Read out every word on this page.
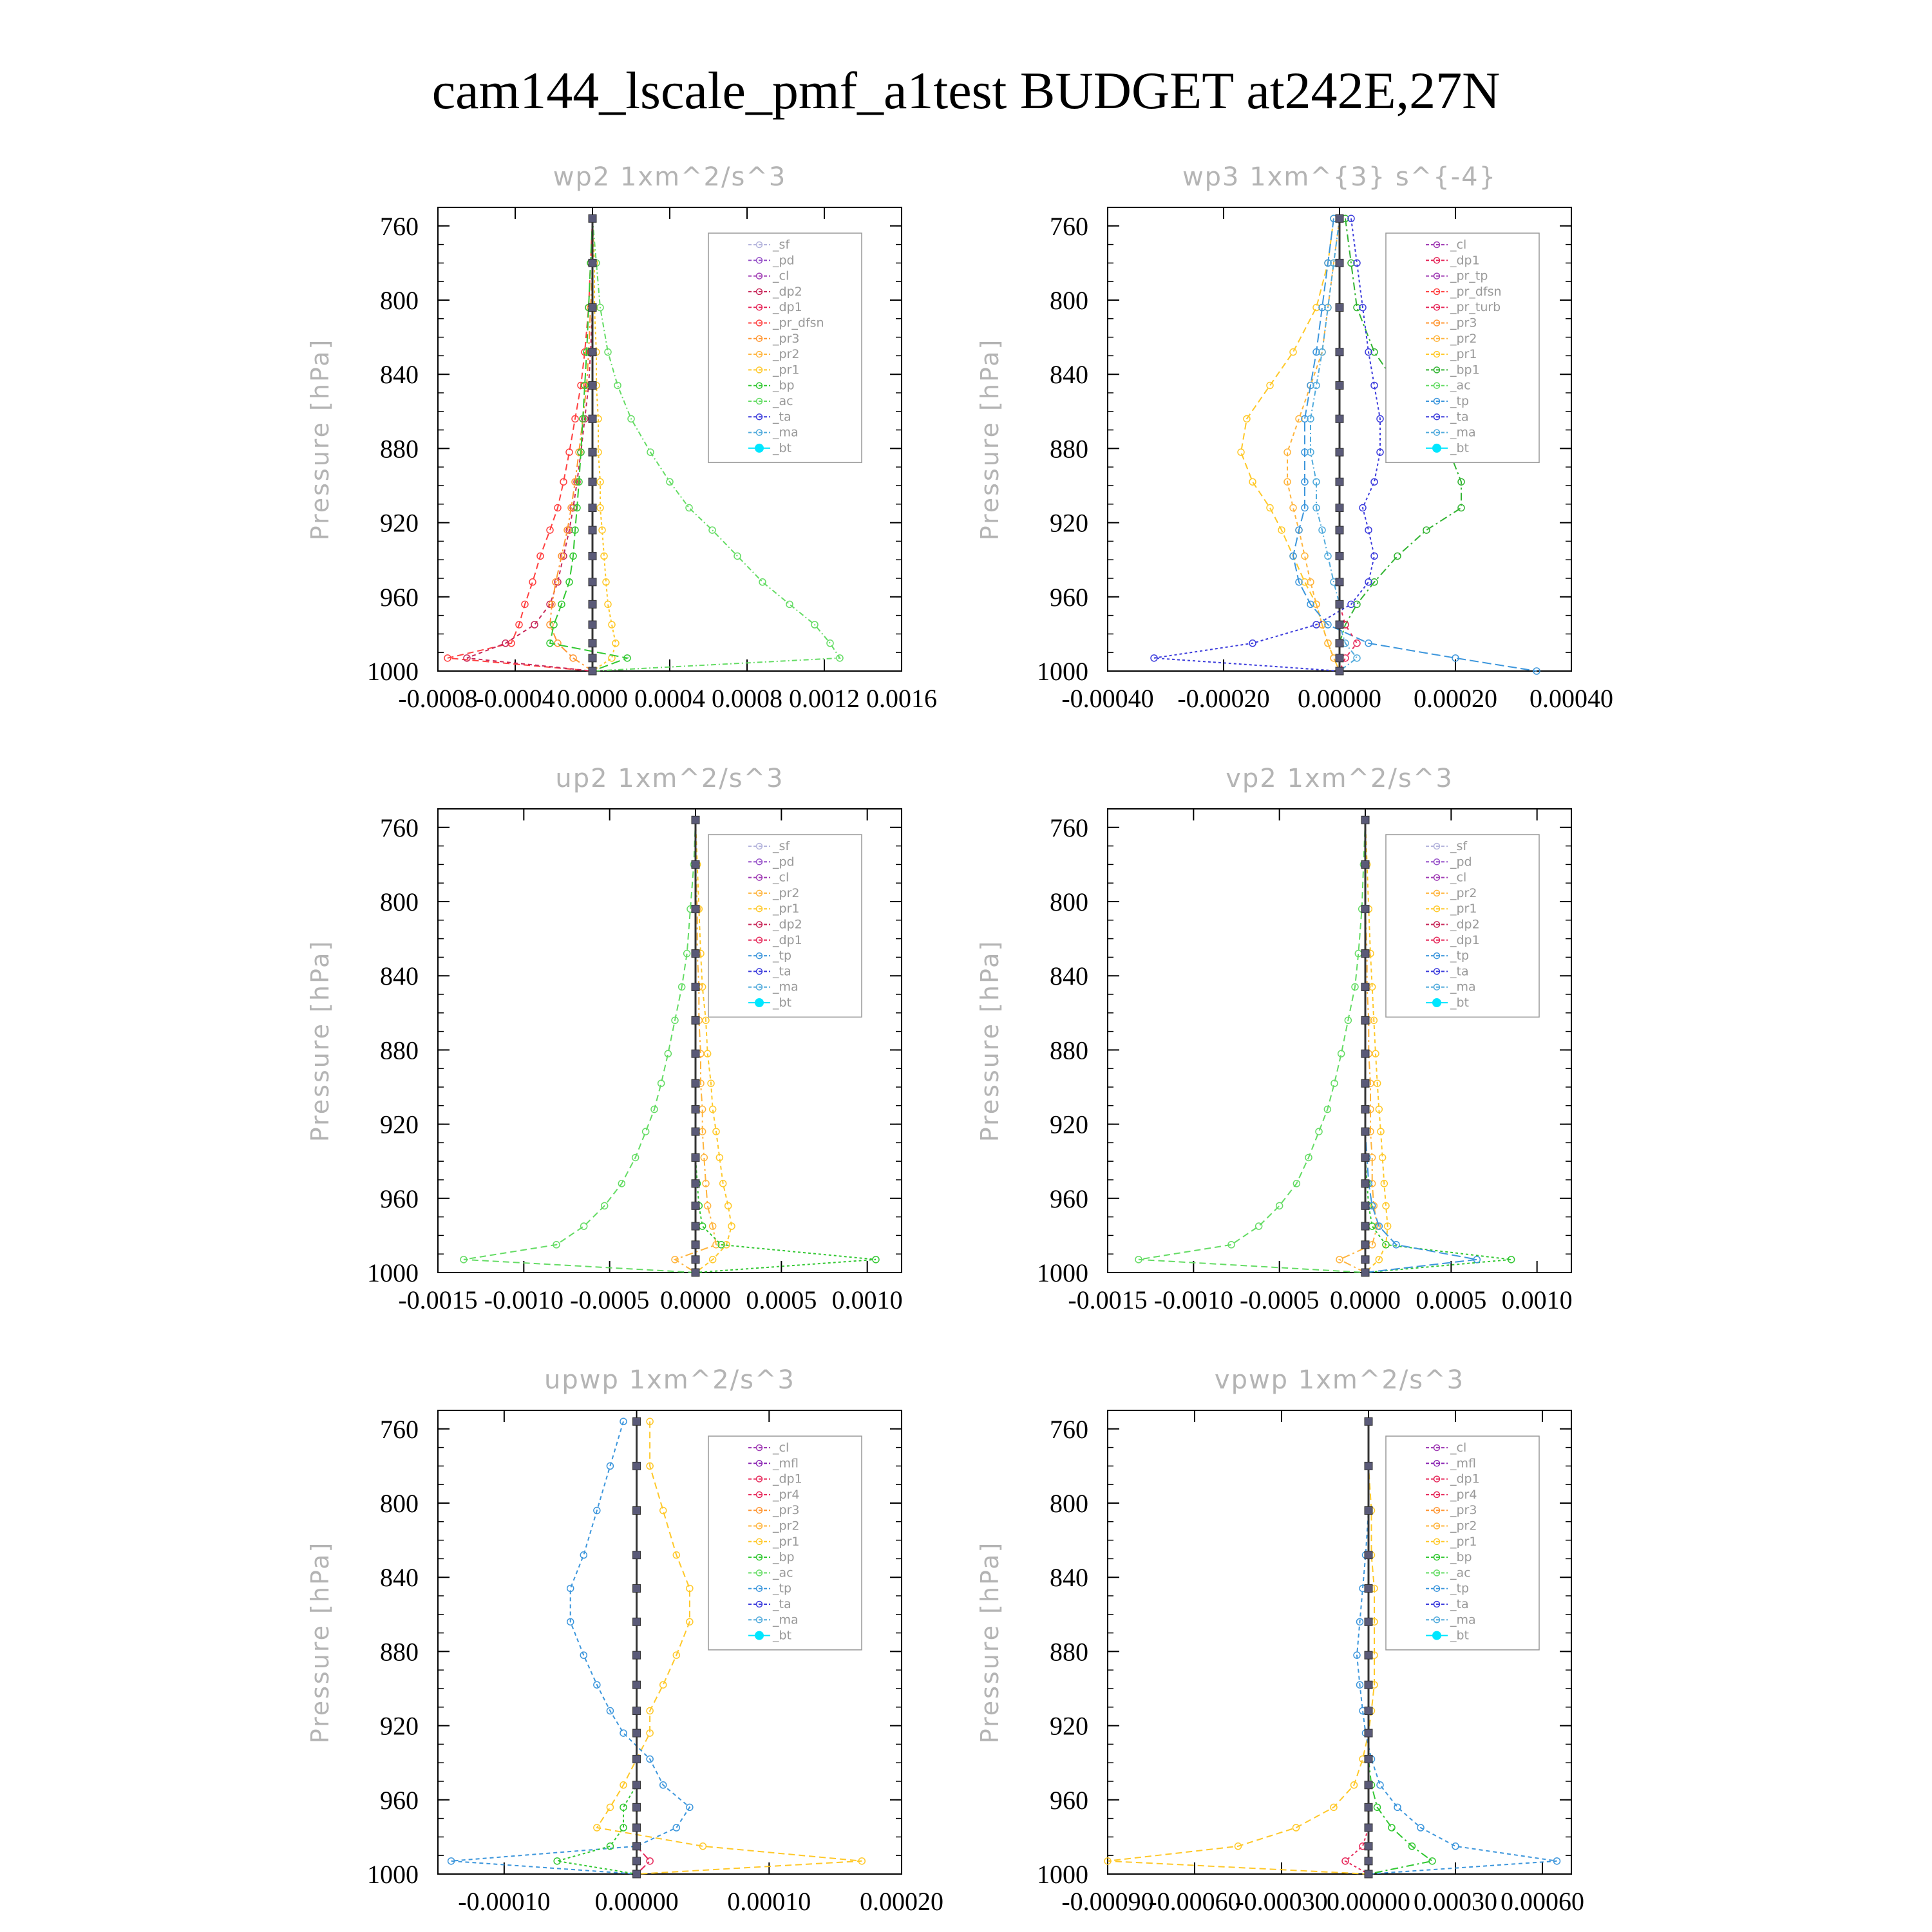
cam144_lscale_pmf_a1test BUDGET at242E,27N
wp2 1xm^2/s^3
Pressure [hPa]
760
800
840
880
920
960
1000
-0.0008
-0.0004 0.0000 0.0004 0.0008 0.0012 0.0016
_sf
_pd
_cl
_dp2
_dp1
_pr_dfsn
_pr3
_pr2
_pr1
_bp
_ac
_ta
_ma
_bt
wp3 1xm^{3} s^{-4}
Pressure [hPa]
760
800
840
880
920
960
1000
-0.00040 -0.00020 0.00000 0.00020 0.00040
_cl
_dp1
_pr_tp
_pr_dfsn
_pr_turb
_pr3
_pr2
_pr1
_bp1
_ac
_tp
_ta
_ma
_bt
up2 1xm^2/s^3
Pressure [hPa]
760
800
840
880
920
960
1000
-0.0015 -0.0010 -0.0005 0.0000 0.0005 0.0010
_sf
_pd
_cl
_pr2
_pr1
_dp2
_dp1
_tp
_ta
_ma
_bt
vp2 1xm^2/s^3
Pressure [hPa]
760
800
840
880
920
960
1000
-0.0015 -0.0010 -0.0005 0.0000 0.0005 0.0010
_sf
_pd
_cl
_pr2
_pr1
_dp2
_dp1
_tp
_ta
_ma
_bt
upwp 1xm^2/s^3
Pressure [hPa]
760
800
840
880
920
960
1000
-0.00010 0.00000 0.00010 0.00020
_cl
_mfl
_dp1
_pr4
_pr3
_pr2
_pr1
_bp
_ac
_tp
_ta
_ma
_bt
vpwp 1xm^2/s^3
Pressure [hPa]
760
800
840
880
920
960
1000
-0.00090
-0.00060
-0.00030
0.00000 0.00030 0.00060
_cl
_mfl
_dp1
_pr4
_pr3
_pr2
_pr1
_bp
_ac
_tp
_ta
_ma
_bt
